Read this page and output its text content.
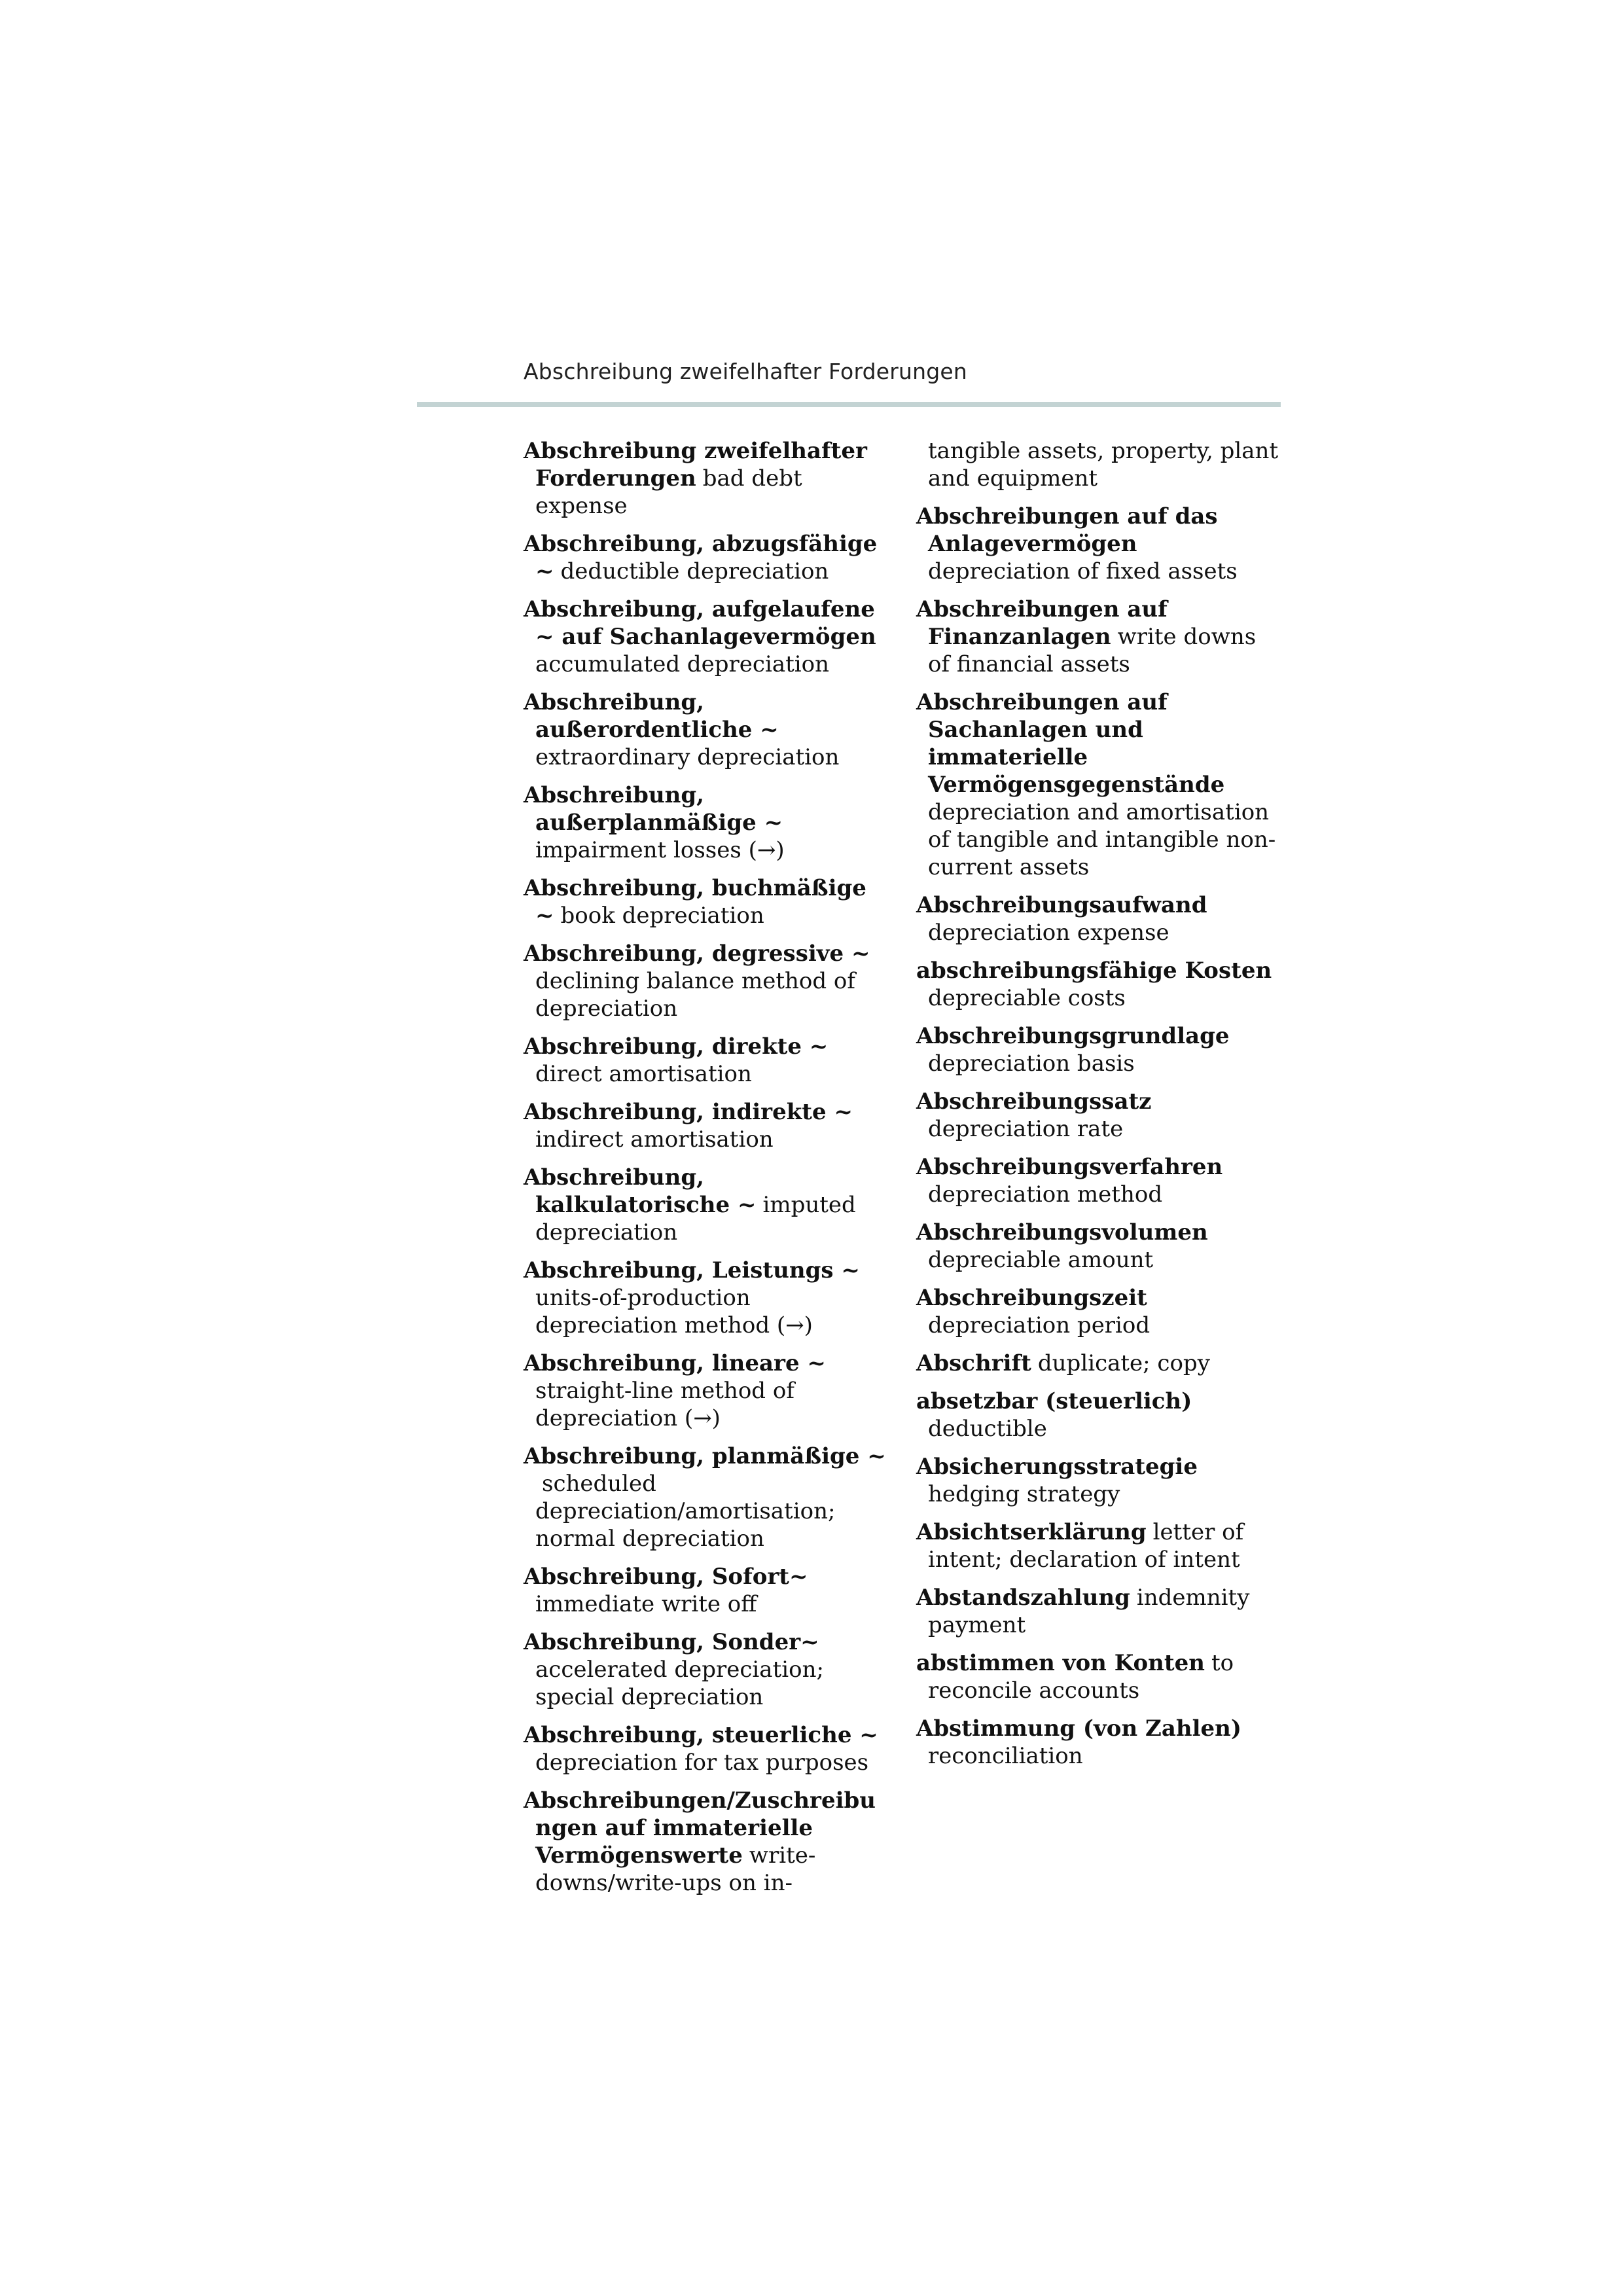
Abschreibung zweifelhafter Forderungen
Abschreibung zweifelhafter Forderungen bad debt expense
Abschreibung, abzugsfähige ~ deductible depreciation
Abschreibung, aufgelaufene ~ auf Sachanlagevermögenaccumulated depreciation
Abschreibung, außerordentliche ~extraordinary depreciation
Abschreibung, außerplanmäßige ~impairment losses (→)
Abschreibung, buchmäßige ~ book depreciation
Abschreibung, degressive ~declining balance method of depreciation
Abschreibung, direkte ~direct amortisation
Abschreibung, indirekte ~indirect amortisation
Abschreibung, kalkulatorische ~ imputed depreciation
Abschreibung, Leistungs ~units-of-production depreciation method (→)
Abschreibung, lineare ~straight-line method of depreciation (→)
Abschreibung, planmäßige ~scheduled depreciation/amortisation; normal depreciation
Abschreibung, Sofort~immediate write off
Abschreibung, Sonder~accelerated depreciation; special depreciation
Abschreibung, steuerliche ~depreciation for tax purposes
Abschreibungen/Zuschreibungen auf immaterielle Vermögenswerte write-downs/write-ups on in-
tangible assets, property, plant and equipment
Abschreibungen auf das Anlagevermögendepreciation of fixed assets
Abschreibungen auf Finanzanlagen write downs of financial assets
Abschreibungen auf Sachanlagen und immaterielle Vermögensgegenständedepreciation and amortisation of tangible and intangible non-current assets
Abschreibungsaufwanddepreciation expense
abschreibungsfähige Kostendepreciable costs
Abschreibungsgrundlagedepreciation basis
Abschreibungssatzdepreciation rate
Abschreibungsverfahrendepreciation method
Abschreibungsvolumendepreciable amount
Abschreibungszeitdepreciation period
Abschrift duplicate; copy
absetzbar (steuerlich)deductible
Absicherungsstrategiehedging strategy
Absichtserklärung letter of intent; declaration of intent
Abstandszahlung indemnity payment
abstimmen von Konten to reconcile accounts
Abstimmung (von Zahlen)reconciliation
